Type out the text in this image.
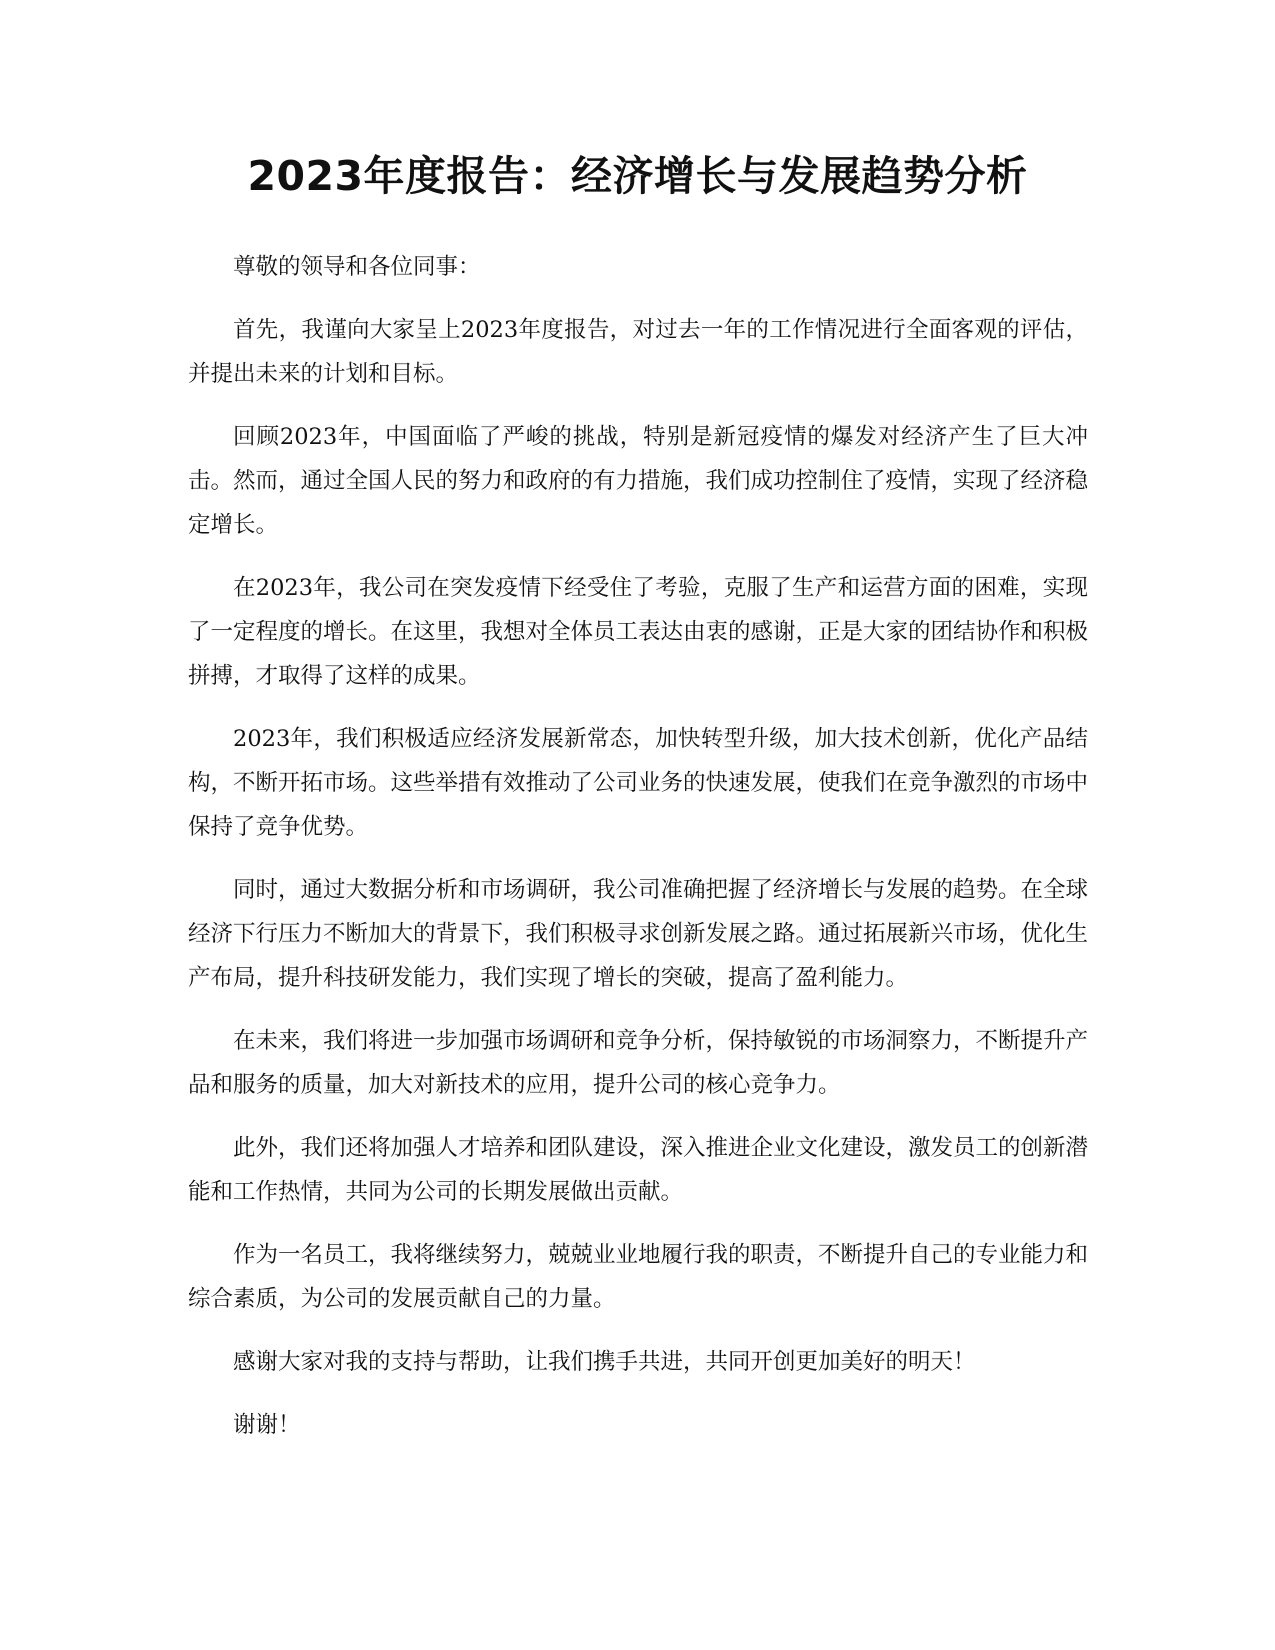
2023年度报告：经济增长与发展趋势分析

尊敬的领导和各位同事：

首先，我谨向大家呈上2023年度报告，对过去一年的工作情况进行全面客观的评估，并提出未来的计划和目标。

回顾2023年，中国面临了严峻的挑战，特别是新冠疫情的爆发对经济产生了巨大冲击。然而，通过全国人民的努力和政府的有力措施，我们成功控制住了疫情，实现了经济稳定增长。

在2023年，我公司在突发疫情下经受住了考验，克服了生产和运营方面的困难，实现了一定程度的增长。在这里，我想对全体员工表达由衷的感谢，正是大家的团结协作和积极拼搏，才取得了这样的成果。

2023年，我们积极适应经济发展新常态，加快转型升级，加大技术创新，优化产品结构，不断开拓市场。这些举措有效推动了公司业务的快速发展，使我们在竞争激烈的市场中保持了竞争优势。

同时，通过大数据分析和市场调研，我公司准确把握了经济增长与发展的趋势。在全球经济下行压力不断加大的背景下，我们积极寻求创新发展之路。通过拓展新兴市场，优化生产布局，提升科技研发能力，我们实现了增长的突破，提高了盈利能力。

在未来，我们将进一步加强市场调研和竞争分析，保持敏锐的市场洞察力，不断提升产品和服务的质量，加大对新技术的应用，提升公司的核心竞争力。

此外，我们还将加强人才培养和团队建设，深入推进企业文化建设，激发员工的创新潜能和工作热情，共同为公司的长期发展做出贡献。

作为一名员工，我将继续努力，兢兢业业地履行我的职责，不断提升自己的专业能力和综合素质，为公司的发展贡献自己的力量。

感谢大家对我的支持与帮助，让我们携手共进，共同开创更加美好的明天！

谢谢！
